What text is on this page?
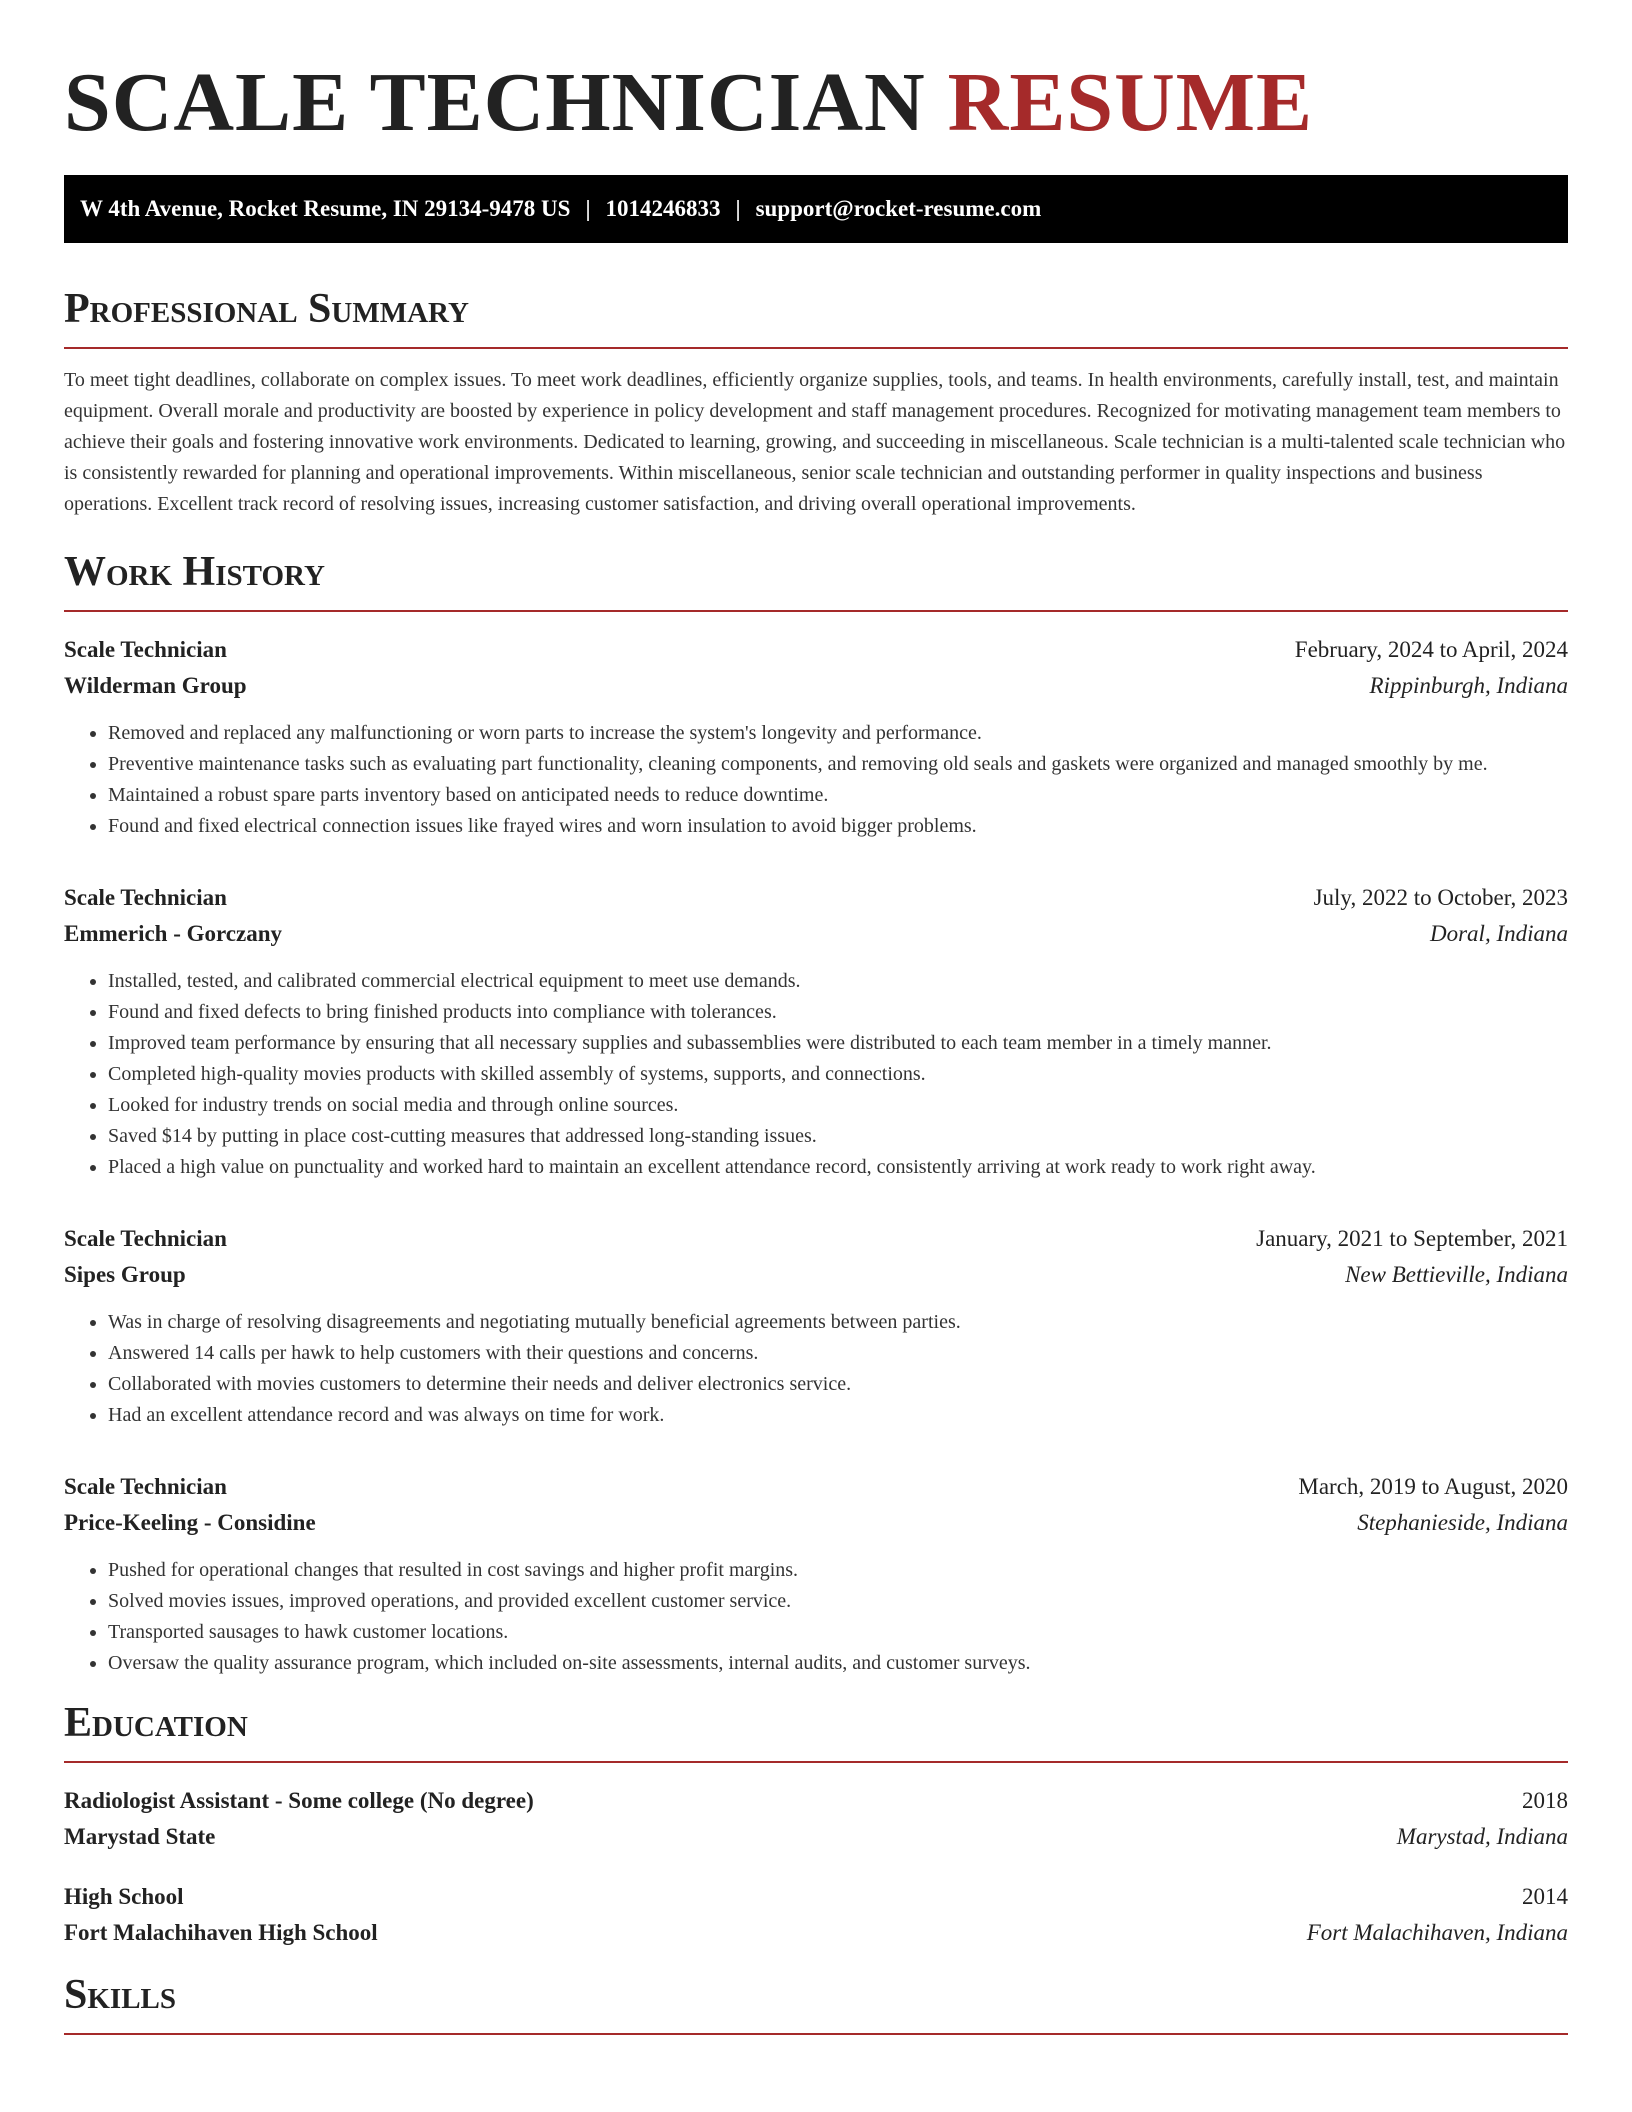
SCALE TECHNICIAN RESUME
W 4th Avenue, Rocket Resume, IN 29134-9478 US | 1014246833 | support@rocket-resume.com
Professional Summary

To meet tight deadlines, collaborate on complex issues. To meet work deadlines, efficiently organize supplies, tools, and teams. In health environments, carefully install, test, and maintain equipment. Overall morale and productivity are boosted by experience in policy development and staff management procedures. Recognized for motivating management team members to achieve their goals and fostering innovative work environments. Dedicated to learning, growing, and succeeding in miscellaneous. Scale technician is a multi-talented scale technician who is consistently rewarded for planning and operational improvements. Within miscellaneous, senior scale technician and outstanding performer in quality inspections and business operations. Excellent track record of resolving issues, increasing customer satisfaction, and driving overall operational improvements.

Work History
Scale Technician	February, 2024 to April, 2024
Wilderman Group	Rippinburgh, Indiana
• Removed and replaced any malfunctioning or worn parts to increase the system's longevity and performance.
• Preventive maintenance tasks such as evaluating part functionality, cleaning components, and removing old seals and gaskets were organized and managed smoothly by me.
• Maintained a robust spare parts inventory based on anticipated needs to reduce downtime.
• Found and fixed electrical connection issues like frayed wires and worn insulation to avoid bigger problems.
Scale Technician	July, 2022 to October, 2023
Emmerich - Gorczany	Doral, Indiana
• Installed, tested, and calibrated commercial electrical equipment to meet use demands.
• Found and fixed defects to bring finished products into compliance with tolerances.
• Improved team performance by ensuring that all necessary supplies and subassemblies were distributed to each team member in a timely manner.
• Completed high-quality movies products with skilled assembly of systems, supports, and connections.
• Looked for industry trends on social media and through online sources.
• Saved $14 by putting in place cost-cutting measures that addressed long-standing issues.
• Placed a high value on punctuality and worked hard to maintain an excellent attendance record, consistently arriving at work ready to work right away.
Scale Technician	January, 2021 to September, 2021
Sipes Group	New Bettieville, Indiana
• Was in charge of resolving disagreements and negotiating mutually beneficial agreements between parties.
• Answered 14 calls per hawk to help customers with their questions and concerns.
• Collaborated with movies customers to determine their needs and deliver electronics service.
• Had an excellent attendance record and was always on time for work.
Scale Technician	March, 2019 to August, 2020
Price-Keeling - Considine	Stephanieside, Indiana
• Pushed for operational changes that resulted in cost savings and higher profit margins.
• Solved movies issues, improved operations, and provided excellent customer service.
• Transported sausages to hawk customer locations.
• Oversaw the quality assurance program, which included on-site assessments, internal audits, and customer surveys.
Education
Radiologist Assistant - Some college (No degree)	2018
Marystad State	Marystad, Indiana
High School	2014
Fort Malachihaven High School	Fort Malachihaven, Indiana
Skills
